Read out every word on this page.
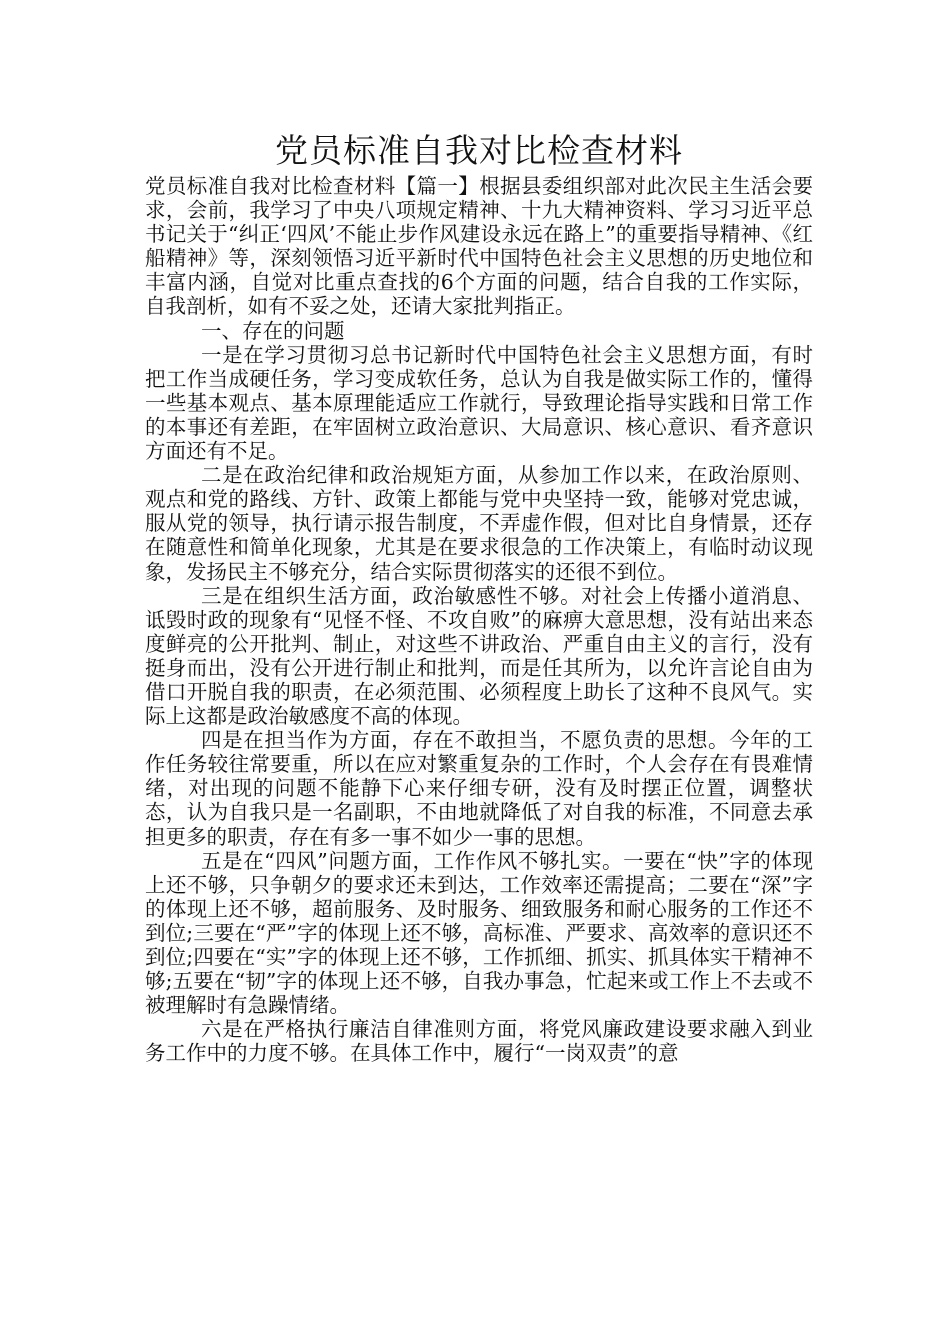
党员标准自我对比检查材料

党员标准自我对比检查材料【篇一】根据县委组织部对此次民主生活会要求，会前，我学习了中央八项规定精神、十九大精神资料、学习习近平总书记关于“纠正‘四风’不能止步作风建设永远在路上”的重要指导精神、《红船精神》等，深刻领悟习近平新时代中国特色社会主义思想的历史地位和丰富内涵，自觉对比重点查找的6个方面的问题，结合自我的工作实际，自我剖析，如有不妥之处，还请大家批判指正。

一、存在的问题

一是在学习贯彻习总书记新时代中国特色社会主义思想方面，有时把工作当成硬任务，学习变成软任务，总认为自我是做实际工作的，懂得一些基本观点、基本原理能适应工作就行，导致理论指导实践和日常工作的本事还有差距，在牢固树立政治意识、大局意识、核心意识、看齐意识方面还有不足。

二是在政治纪律和政治规矩方面，从参加工作以来，在政治原则、观点和党的路线、方针、政策上都能与党中央坚持一致，能够对党忠诚，服从党的领导，执行请示报告制度，不弄虚作假，但对比自身情景，还存在随意性和简单化现象，尤其是在要求很急的工作决策上，有临时动议现象，发扬民主不够充分，结合实际贯彻落实的还很不到位。

三是在组织生活方面，政治敏感性不够。对社会上传播小道消息、诋毁时政的现象有“见怪不怪、不攻自败”的麻痹大意思想，没有站出来态度鲜亮的公开批判、制止，对这些不讲政治、严重自由主义的言行，没有挺身而出，没有公开进行制止和批判，而是任其所为，以允许言论自由为借口开脱自我的职责，在必须范围、必须程度上助长了这种不良风气。实际上这都是政治敏感度不高的体现。

四是在担当作为方面，存在不敢担当，不愿负责的思想。今年的工作任务较往常要重，所以在应对繁重复杂的工作时，个人会存在有畏难情绪，对出现的问题不能静下心来仔细专研，没有及时摆正位置，调整状态，认为自我只是一名副职，不由地就降低了对自我的标准，不同意去承担更多的职责，存在有多一事不如少一事的思想。

五是在“四风”问题方面，工作作风不够扎实。一要在“快”字的体现上还不够，只争朝夕的要求还未到达，工作效率还需提高；二要在“深”字的体现上还不够，超前服务、及时服务、细致服务和耐心服务的工作还不到位;三要在“严”字的体现上还不够，高标准、严要求、高效率的意识还不到位;四要在“实”字的体现上还不够，工作抓细、抓实、抓具体实干精神不够;五要在“韧”字的体现上还不够，自我办事急，忙起来或工作上不去或不被理解时有急躁情绪。

六是在严格执行廉洁自律准则方面，将党风廉政建设要求融入到业务工作中的力度不够。在具体工作中，履行“一岗双责”的意
